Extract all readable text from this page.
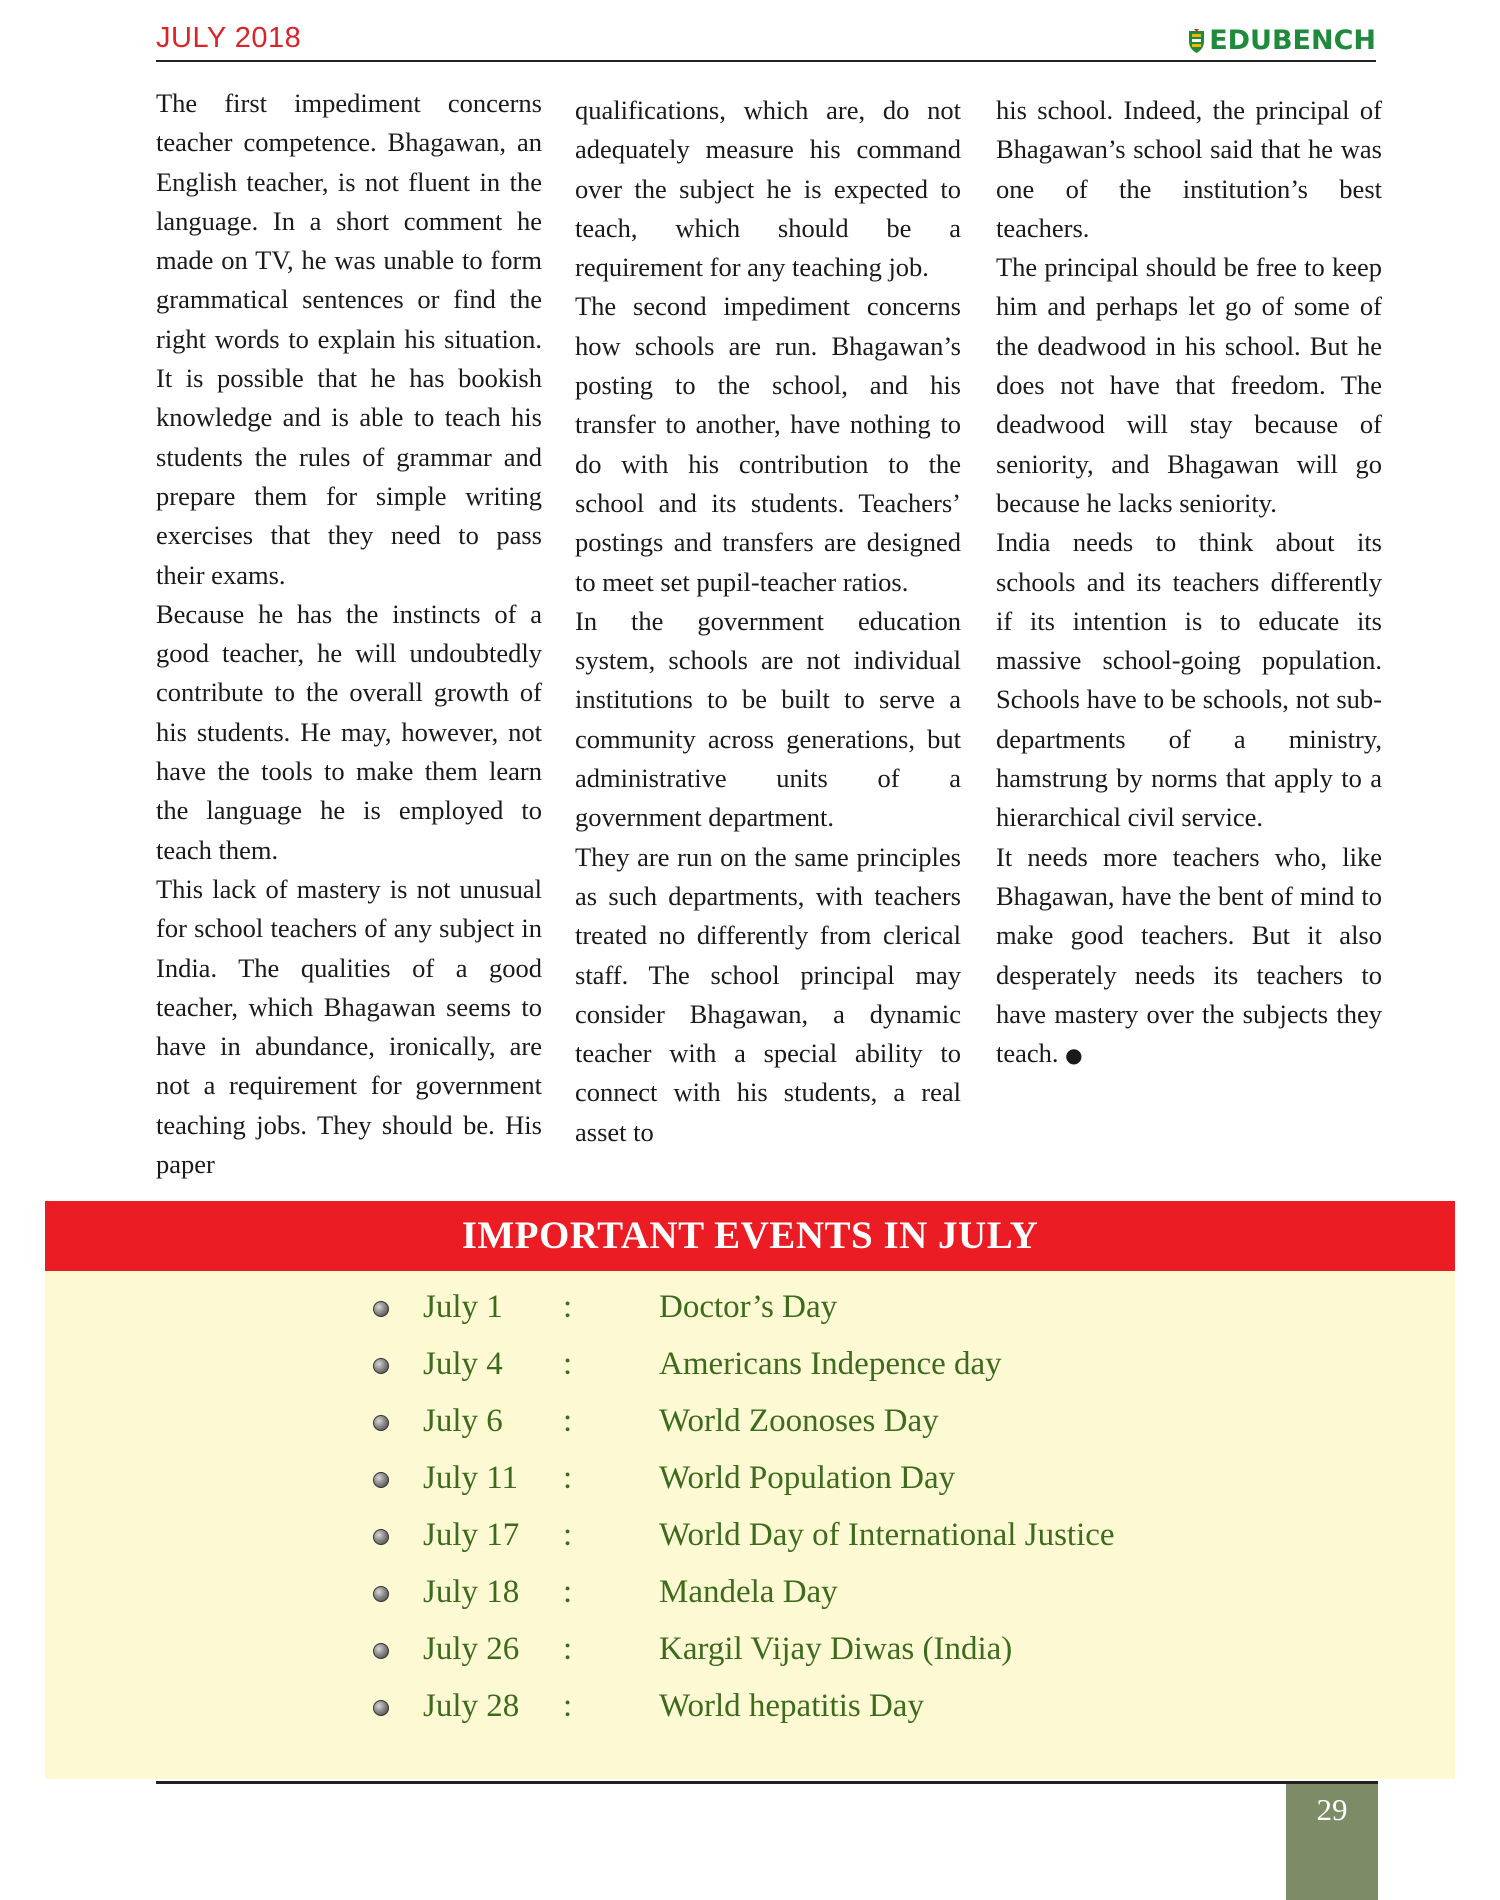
JULY 2018	EDUBENCH

The first impediment concerns teacher competence. Bhagawan, an English teacher, is not fluent in the language. In a short comment he made on TV, he was unable to form grammatical sentences or find the right words to explain his situation. It is possible that he has bookish knowledge and is able to teach his students the rules of grammar and prepare them for simple writing exercises that they need to pass their exams.

Because he has the instincts of a good teacher, he will undoubtedly contribute to the overall growth of his students. He may, however, not have the tools to make them learn the language he is employed to teach them.

This lack of mastery is not unusual for school teachers of any subject in India. The qualities of a good teacher, which Bhagawan seems to have in abundance, ironically, are not a requirement for government teaching jobs. They should be. His paper

qualifications, which are, do not adequately measure his command over the subject he is expected to teach, which should be a requirement for any teaching job.

The second impediment concerns how schools are run. Bhagawan’s posting to the school, and his transfer to another, have nothing to do with his contribution to the school and its students. Teachers’ postings and transfers are designed to meet set pupil-teacher ratios.

In the government education system, schools are not individual institutions to be built to serve a community across generations, but administrative units of a government department.

They are run on the same principles as such departments, with teachers treated no differently from clerical staff. The school principal may consider Bhagawan, a dynamic teacher with a special ability to connect with his students, a real asset to

his school. Indeed, the principal of Bhagawan’s school said that he was one of the institution’s best teachers.

The principal should be free to keep him and perhaps let go of some of the deadwood in his school. But he does not have that freedom. The deadwood will stay because of seniority, and Bhagawan will go because he lacks seniority.

India needs to think about its schools and its teachers differently if its intention is to educate its massive school-going population. Schools have to be schools, not sub-departments of a ministry, hamstrung by norms that apply to a hierarchical civil service.

It needs more teachers who, like Bhagawan, have the bent of mind to make good teachers. But it also desperately needs its teachers to have mastery over the subjects they teach. ●

IMPORTANT EVENTS IN JULY
July 1 :	Doctor’s Day
July 4 :	Americans Indepence day
July 6 :	World Zoonoses Day
July 11 :	World Population Day
July 17 :	World Day of International Justice
July 18 :	Mandela Day
July 26 :	Kargil Vijay Diwas (India)
July 28 :	World hepatitis Day
29
